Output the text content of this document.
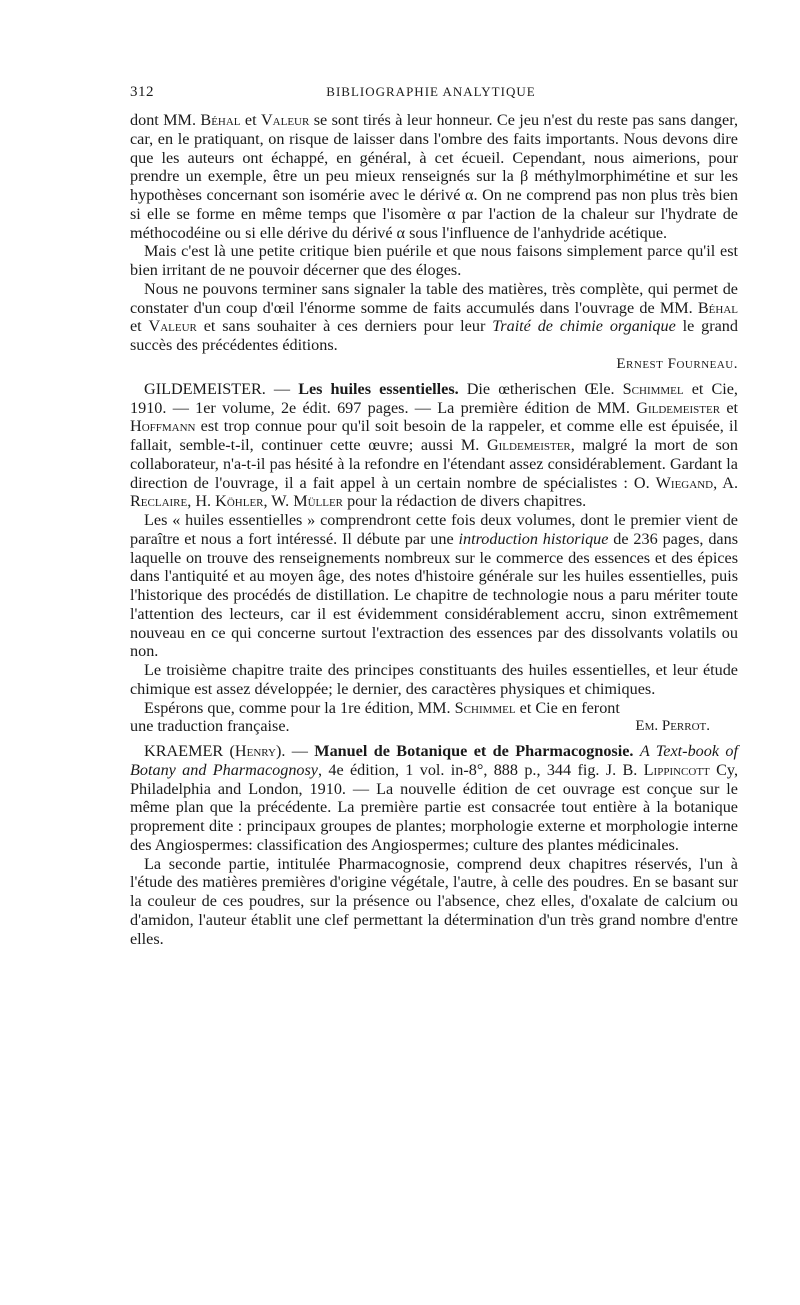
312	BIBLIOGRAPHIE ANALYTIQUE

dont MM. Béhal et Valeur se sont tirés à leur honneur. Ce jeu n'est du reste pas sans danger, car, en le pratiquant, on risque de laisser dans l'ombre des faits importants. Nous devons dire que les auteurs ont échappé, en général, à cet écueil. Cependant, nous aimerions, pour prendre un exemple, être un peu mieux renseignés sur la β méthylmorphimétine et sur les hypothèses concernant son isomérie avec le dérivé α. On ne comprend pas non plus très bien si elle se forme en même temps que l'isomère α par l'action de la chaleur sur l'hydrate de méthocodéine ou si elle dérive du dérivé α sous l'influence de l'anhydride acétique.

Mais c'est là une petite critique bien puérile et que nous faisons simplement parce qu'il est bien irritant de ne pouvoir décerner que des éloges.

Nous ne pouvons terminer sans signaler la table des matières, très complète, qui permet de constater d'un coup d'œil l'énorme somme de faits accumulés dans l'ouvrage de MM. Béhal et Valeur et sans souhaiter à ces derniers pour leur Traité de chimie organique le grand succès des précédentes éditions.

Ernest Fourneau.

GILDEMEISTER. — Les huiles essentielles. Die œtherischen Œle. Schimmel et Cie, 1910. — 1er volume, 2e édit. 697 pages. — La première édition de MM. Gildemeister et Hoffmann est trop connue pour qu'il soit besoin de la rappeler, et comme elle est épuisée, il fallait, semble-t-il, continuer cette œuvre; aussi M. Gildemeister, malgré la mort de son collaborateur, n'a-t-il pas hésité à la refondre en l'étendant assez considérablement. Gardant la direction de l'ouvrage, il a fait appel à un certain nombre de spécialistes : O. Wiegand, A. Reclaire, H. Köhler, W. Müller pour la rédaction de divers chapitres.

Les « huiles essentielles » comprendront cette fois deux volumes, dont le premier vient de paraître et nous a fort intéressé. Il débute par une introduction historique de 236 pages, dans laquelle on trouve des renseignements nombreux sur le commerce des essences et des épices dans l'antiquité et au moyen âge, des notes d'histoire générale sur les huiles essentielles, puis l'historique des procédés de distillation. Le chapitre de technologie nous a paru mériter toute l'attention des lecteurs, car il est évidemment considérablement accru, sinon extrêmement nouveau en ce qui concerne surtout l'extraction des essences par des dissolvants volatils ou non.

Le troisième chapitre traite des principes constituants des huiles essentielles, et leur étude chimique est assez développée; le dernier, des caractères physiques et chimiques.

Espérons que, comme pour la 1re édition, MM. Schimmel et Cie en feront

une traduction française.	Em. Perrot.

KRAEMER (Henry). — Manuel de Botanique et de Pharmacognosie. A Text-book of Botany and Pharmacognosy, 4e édition, 1 vol. in-8°, 888 p., 344 fig. J. B. Lippincott Cy, Philadelphia and London, 1910. — La nouvelle édition de cet ouvrage est conçue sur le même plan que la précédente. La première partie est consacrée tout entière à la botanique proprement dite : principaux groupes de plantes; morphologie externe et morphologie interne des Angiospermes: classification des Angiospermes; culture des plantes médicinales.

La seconde partie, intitulée Pharmacognosie, comprend deux chapitres réservés, l'un à l'étude des matières premières d'origine végétale, l'autre, à celle des poudres. En se basant sur la couleur de ces poudres, sur la présence ou l'absence, chez elles, d'oxalate de calcium ou d'amidon, l'auteur établit une clef permettant la détermination d'un très grand nombre d'entre elles.
